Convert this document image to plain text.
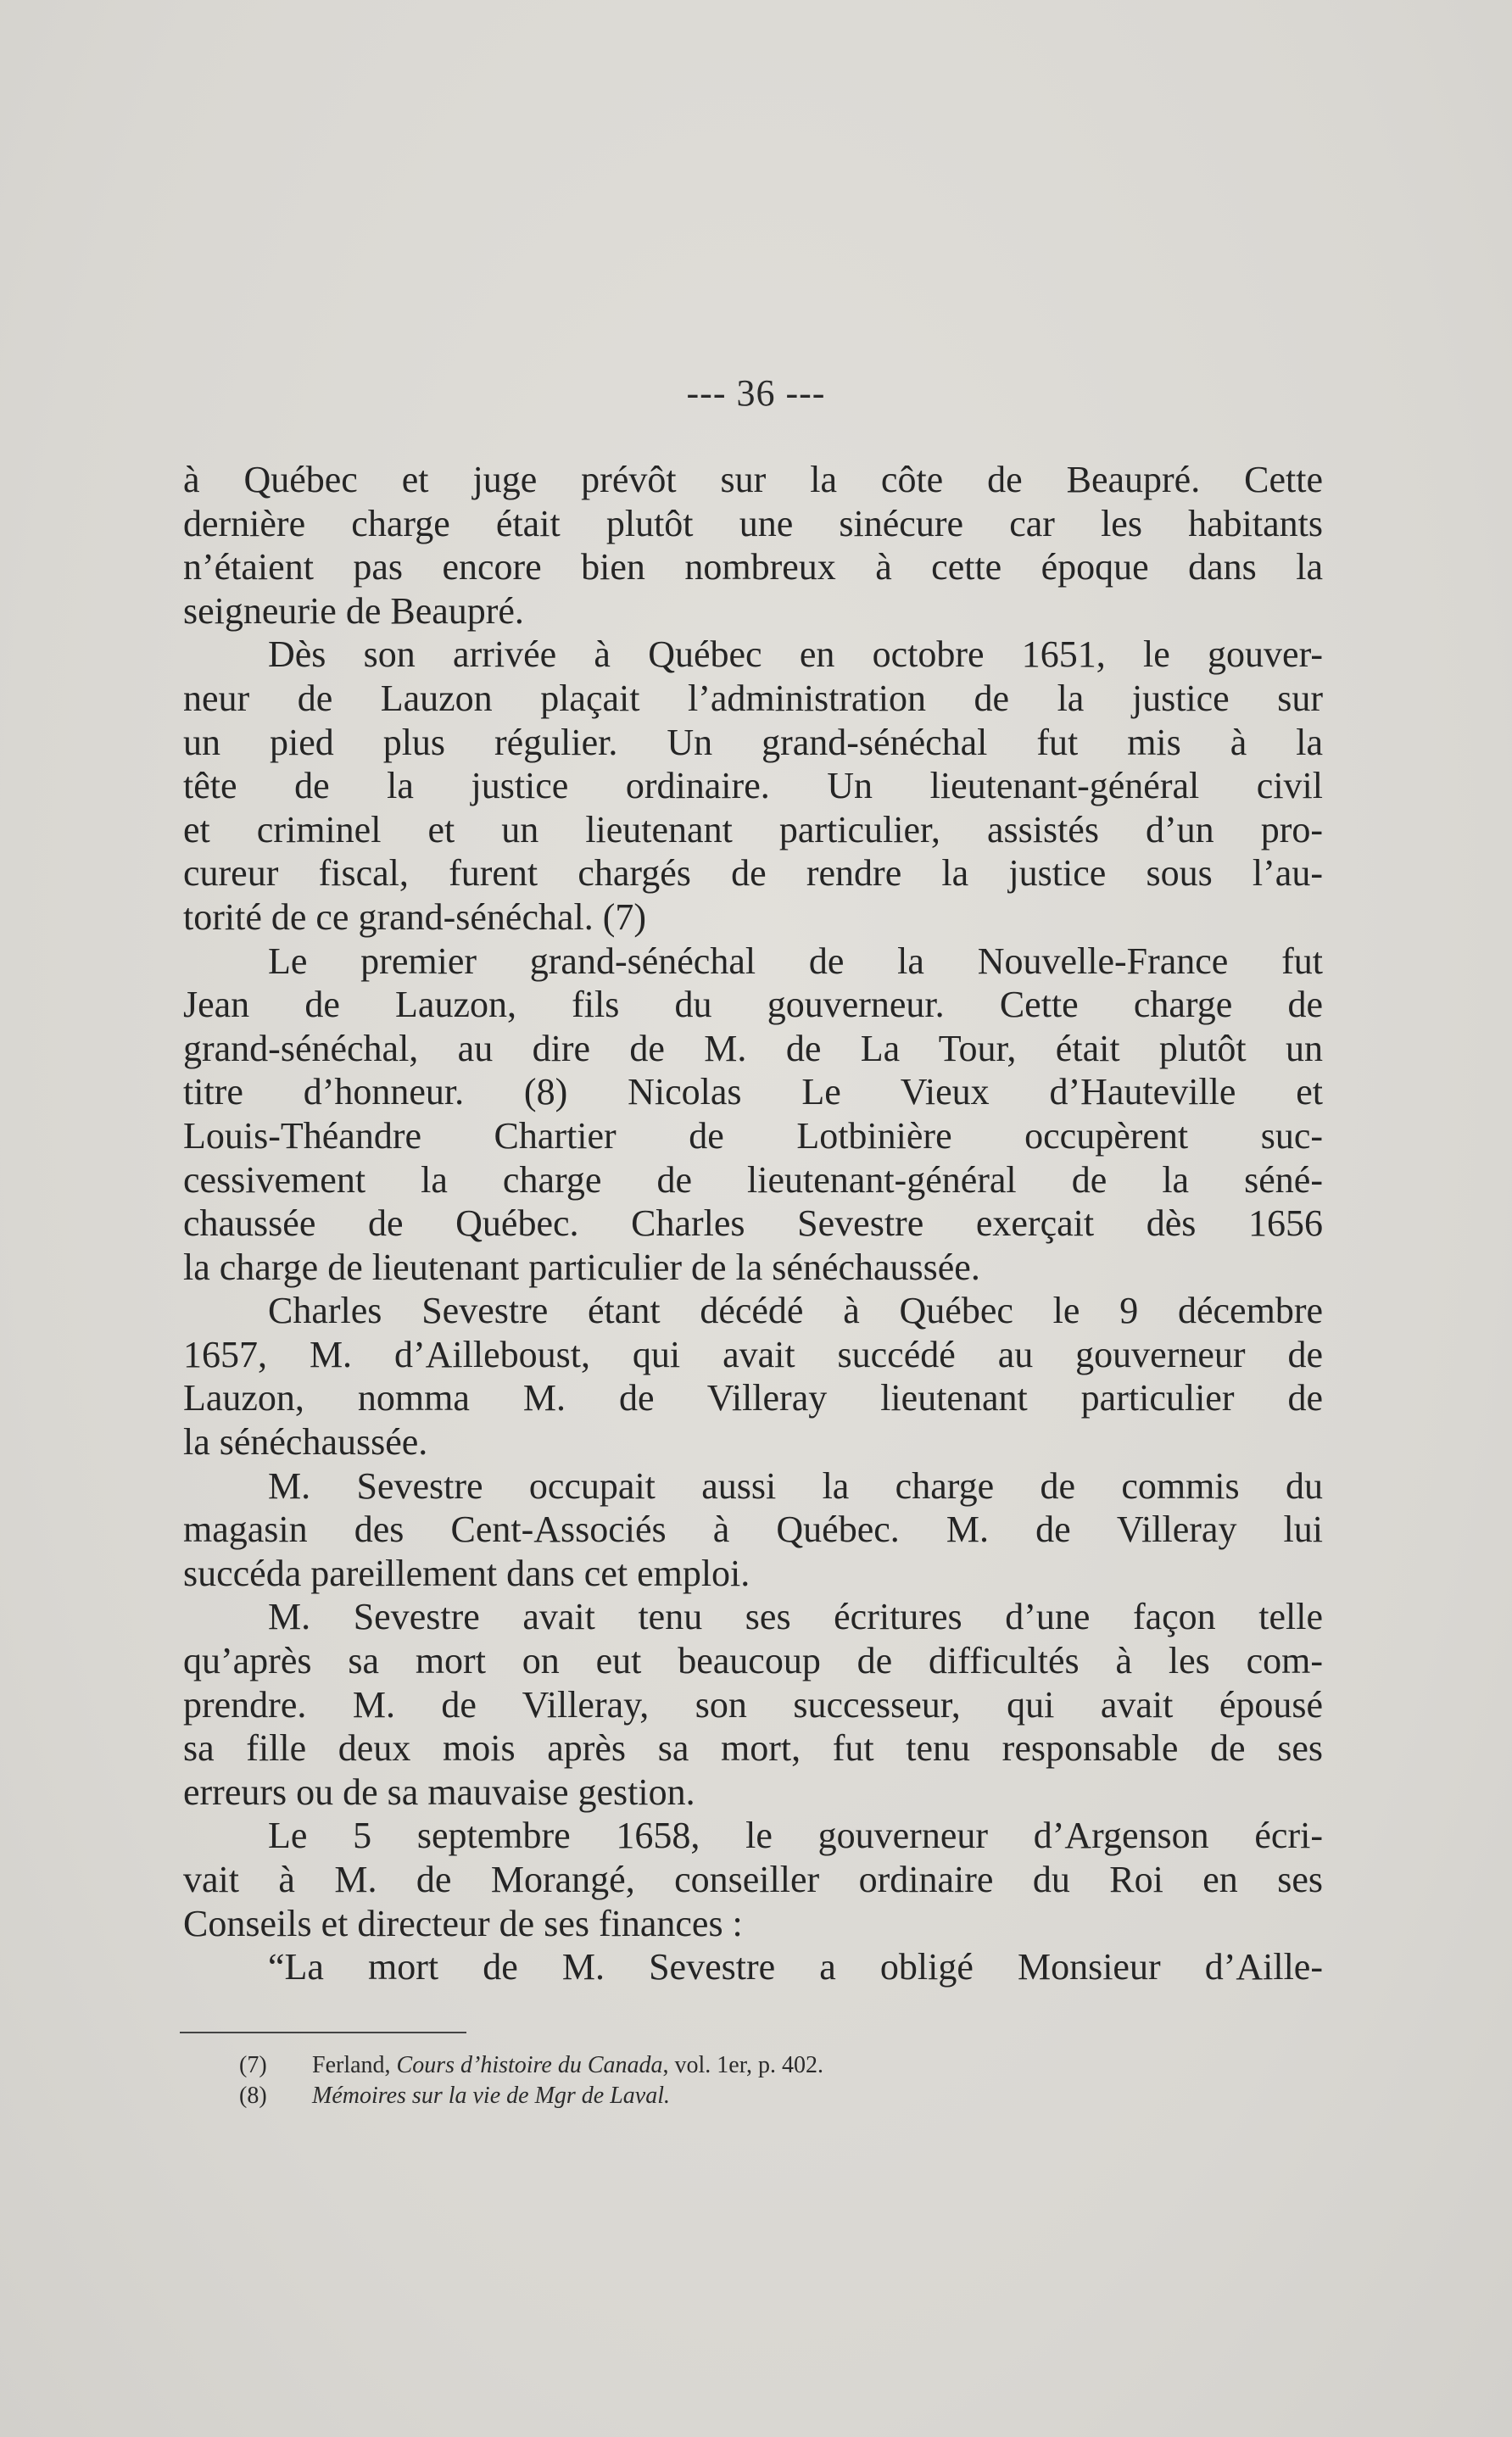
--- 36 ---

à Québec et juge prévôt sur la côte de Beaupré. Cette

dernière charge était plutôt une sinécure car les habitants

n’étaient pas encore bien nombreux à cette époque dans la

seigneurie de Beaupré.

Dès son arrivée à Québec en octobre 1651, le gouver-

neur de Lauzon plaçait l’administration de la justice sur

un pied plus régulier. Un grand-sénéchal fut mis à la

tête de la justice ordinaire. Un lieutenant-général civil

et criminel et un lieutenant particulier, assistés d’un pro-

cureur fiscal, furent chargés de rendre la justice sous l’au-

torité de ce grand-sénéchal. (7)

Le premier grand-sénéchal de la Nouvelle-France fut

Jean de Lauzon, fils du gouverneur. Cette charge de

grand-sénéchal, au dire de M. de La Tour, était plutôt un

titre d’honneur. (8) Nicolas Le Vieux d’Hauteville et

Louis-Théandre Chartier de Lotbinière occupèrent suc-

cessivement la charge de lieutenant-général de la séné-

chaussée de Québec. Charles Sevestre exerçait dès 1656

la charge de lieutenant particulier de la sénéchaussée.

Charles Sevestre étant décédé à Québec le 9 décembre

1657, M. d’Ailleboust, qui avait succédé au gouverneur de

Lauzon, nomma M. de Villeray lieutenant particulier de

la sénéchaussée.

M. Sevestre occupait aussi la charge de commis du

magasin des Cent-Associés à Québec. M. de Villeray lui

succéda pareillement dans cet emploi.

M. Sevestre avait tenu ses écritures d’une façon telle

qu’après sa mort on eut beaucoup de difficultés à les com-

prendre. M. de Villeray, son successeur, qui avait épousé

sa fille deux mois après sa mort, fut tenu responsable de ses

erreurs ou de sa mauvaise gestion.

Le 5 septembre 1658, le gouverneur d’Argenson écri-

vait à M. de Morangé, conseiller ordinaire du Roi en ses

Conseils et directeur de ses finances :

“La mort de M. Sevestre a obligé Monsieur d’Aille-

(7) Ferland, Cours d’histoire du Canada, vol. 1er, p. 402.
(8) Mémoires sur la vie de Mgr de Laval.
